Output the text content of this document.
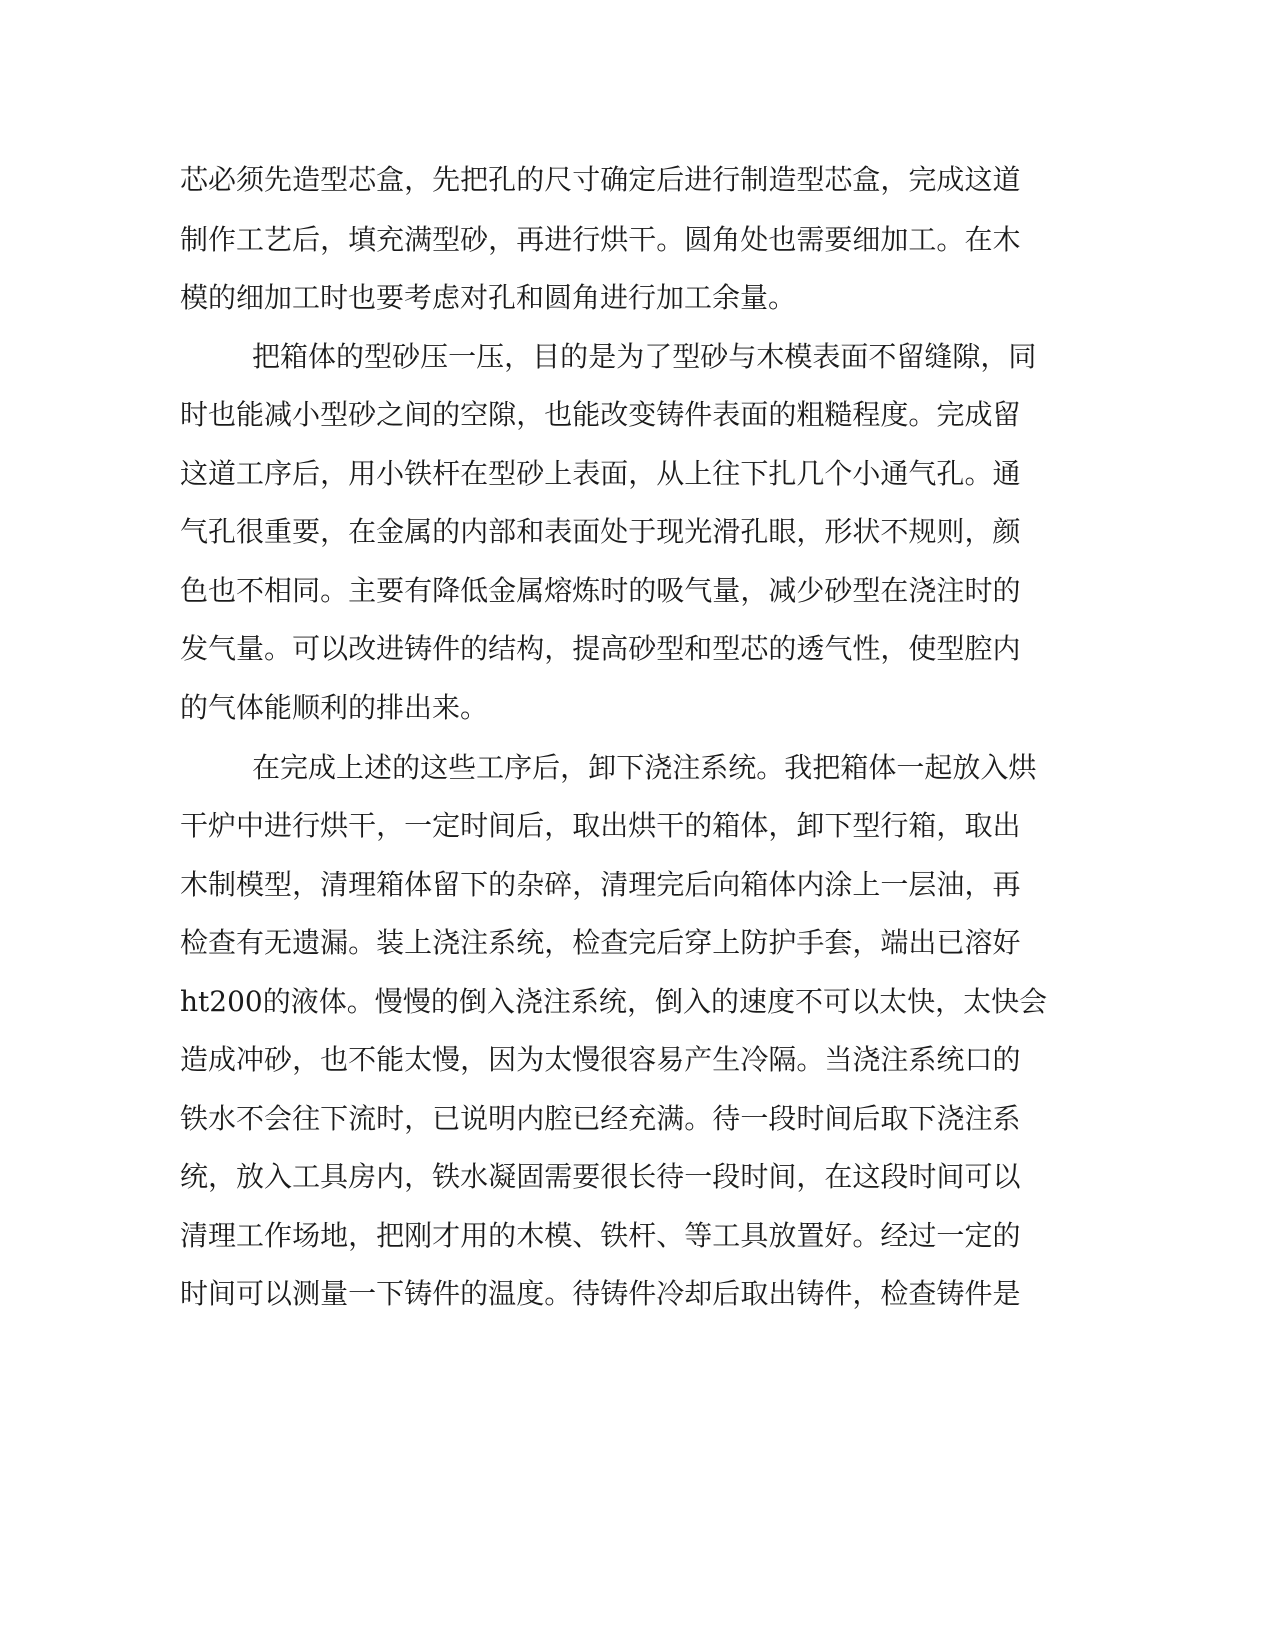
芯 必 须 先 造 型 芯 盒 ， 先 把 孔 的 尺 寸 确 定 后 进 行 制 造 型 芯 盒 ， 完 成 这 道
制 作 工 艺 后 ， 填 充 满 型 砂 ， 再 进 行 烘 干 。 圆 角 处 也 需 要 细 加 工 。 在 木
模的细加工时也要考虑对孔和圆角进行加工余量。
把 箱 体 的 型 砂 压 一 压 ， 目 的 是 为 了 型 砂 与 木 模 表 面 不 留 缝 隙 ， 同
时 也 能 减 小 型 砂 之 间 的 空 隙 ， 也 能 改 变 铸 件 表 面 的 粗 糙 程 度 。 完 成 留
这 道 工 序 后 ， 用 小 铁 杆 在 型 砂 上 表 面 ， 从 上 往 下 扎 几 个 小 通 气 孔 。 通
气 孔 很 重 要 ， 在 金 属 的 内 部 和 表 面 处 于 现 光 滑 孔 眼 ， 形 状 不 规 则 ， 颜
色 也 不 相 同 。 主 要 有 降 低 金 属 熔 炼 时 的 吸 气 量 ， 减 少 砂 型 在 浇 注 时 的
发 气 量 。 可 以 改 进 铸 件 的 结 构 ， 提 高 砂 型 和 型 芯 的 透 气 性 ， 使 型 腔 内
的气体能顺利的排出来。
在 完 成 上 述 的 这 些 工 序 后 ， 卸 下 浇 注 系 统 。 我 把 箱 体 一 起 放 入 烘
干 炉 中 进 行 烘 干 ， 一 定 时 间 后 ， 取 出 烘 干 的 箱 体 ， 卸 下 型 行 箱 ， 取 出
木 制 模 型 ， 清 理 箱 体 留 下 的 杂 碎 ， 清 理 完 后 向 箱 体 内 涂 上 一 层 油 ， 再
检 查 有 无 遗 漏 。 装 上 浇 注 系 统 ， 检 查 完 后 穿 上 防 护 手 套 ， 端 出 已 溶 好
ht200 的 液 体 。 慢 慢 的 倒 入 浇 注 系 统 ， 倒 入 的 速 度 不 可 以 太 快 ， 太 快 会
造 成 冲 砂 ， 也 不 能 太 慢 ， 因 为 太 慢 很 容 易 产 生 冷 隔 。 当 浇 注 系 统 口 的
铁 水 不 会 往 下 流 时 ， 已 说 明 内 腔 已 经 充 满 。 待 一 段 时 间 后 取 下 浇 注 系
统 ， 放 入 工 具 房 内 ， 铁 水 凝 固 需 要 很 长 待 一 段 时 间 ， 在 这 段 时 间 可 以
清 理 工 作 场 地 ， 把 刚 才 用 的 木 模 、 铁 杆 、 等 工 具 放 置 好 。 经 过 一 定 的
时 间 可 以 测 量 一 下 铸 件 的 温 度 。 待 铸 件 冷 却 后 取 出 铸 件 ， 检 查 铸 件 是
